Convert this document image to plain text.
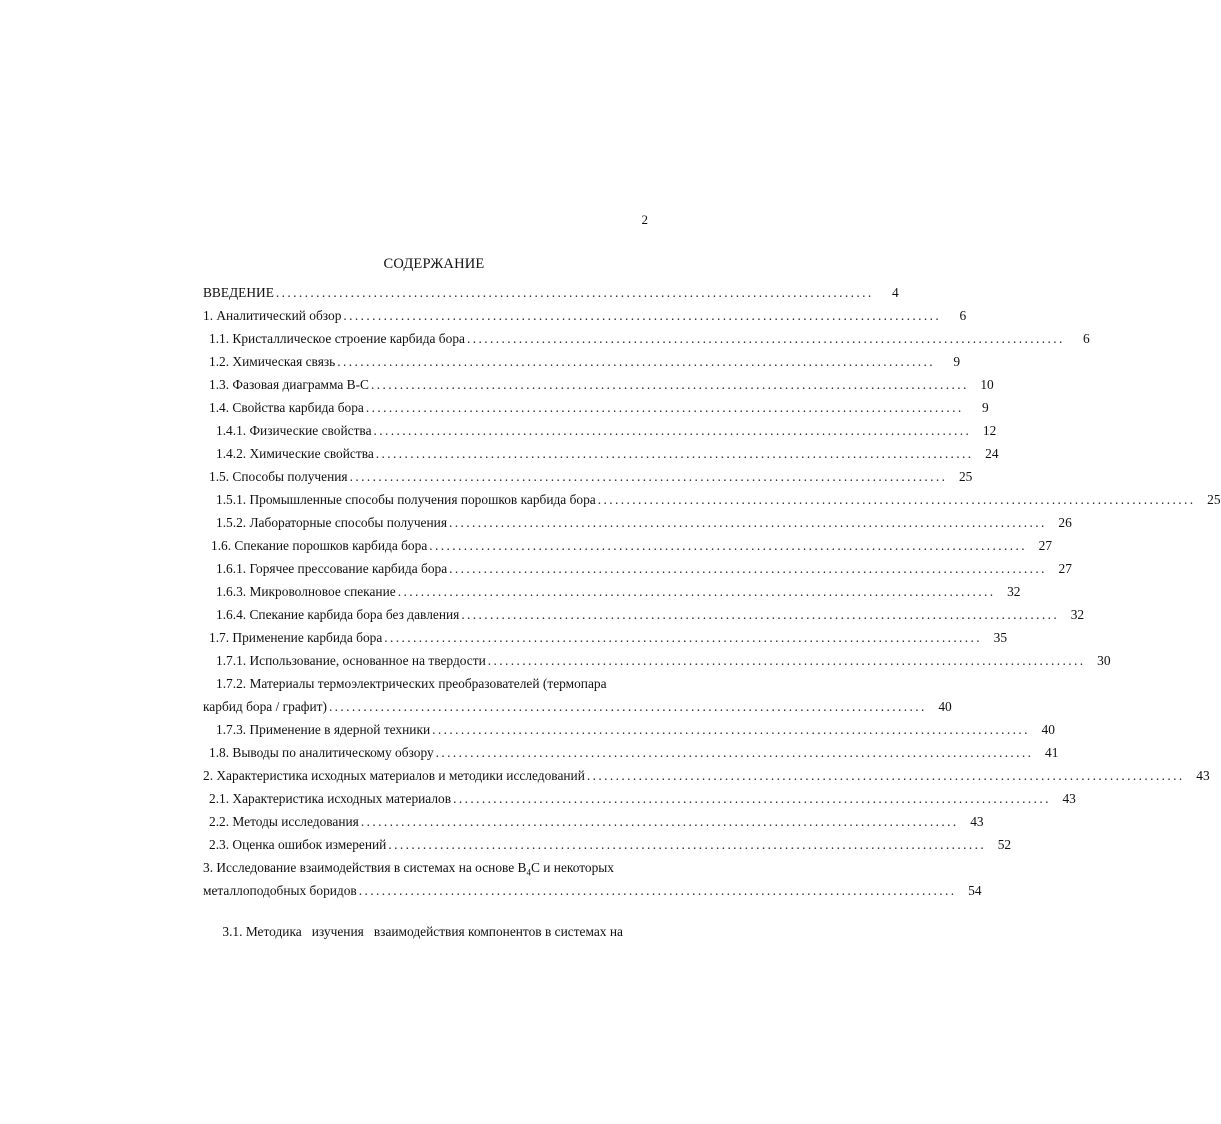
2
СОДЕРЖАНИЕ
ВВЕДЕНИЕ ........................................................................................................	4
1. Аналитический обзор ........................................................................................................	6
1.1. Кристаллическое строение карбида бора ........................................................................................................	6
1.2. Химическая связь ........................................................................................................	9
1.3. Фазовая диаграмма В-С ........................................................................................................ 10
1.4. Свойства карбида бора ........................................................................................................	9
1.4.1. Физические свойства ........................................................................................................ 12
1.4.2. Химические свойства ........................................................................................................ 24
1.5. Способы получения ........................................................................................................ 25
1.5.1. Промышленные способы получения порошков карбида бора ........................................................................................................ 25
1.5.2. Лабораторные способы получения ........................................................................................................ 26
1.6. Спекание порошков карбида бора ........................................................................................................ 27
1.6.1. Горячее прессование карбида бора ........................................................................................................ 27
1.6.3. Микроволновое спекание ........................................................................................................ 32
1.6.4. Спекание карбида бора без давления ........................................................................................................ 32
1.7. Применение карбида бора ........................................................................................................ 35
1.7.1. Использование, основанное на твердости ........................................................................................................ 30
1.7.2. Материалы термоэлектрических преобразователей (термопара
карбид бора / графит) ........................................................................................................ 40
1.7.3. Применение в ядерной техники ........................................................................................................ 40
1.8. Выводы по аналитическому обзору ........................................................................................................ 41
2. Характеристика исходных материалов и методики исследований ........................................................................................................ 43
2.1. Характеристика исходных материалов ........................................................................................................ 43
2.2. Методы исследования ........................................................................................................ 43
2.3. Оценка ошибок измерений ........................................................................................................ 52
3. Исследование взаимодействия в системах на основе $В_4С$ и некоторых
металлоподобных боридов ........................................................................................................ 54

3.1. Методика   изучения   взаимодействия компонентов в системах на
